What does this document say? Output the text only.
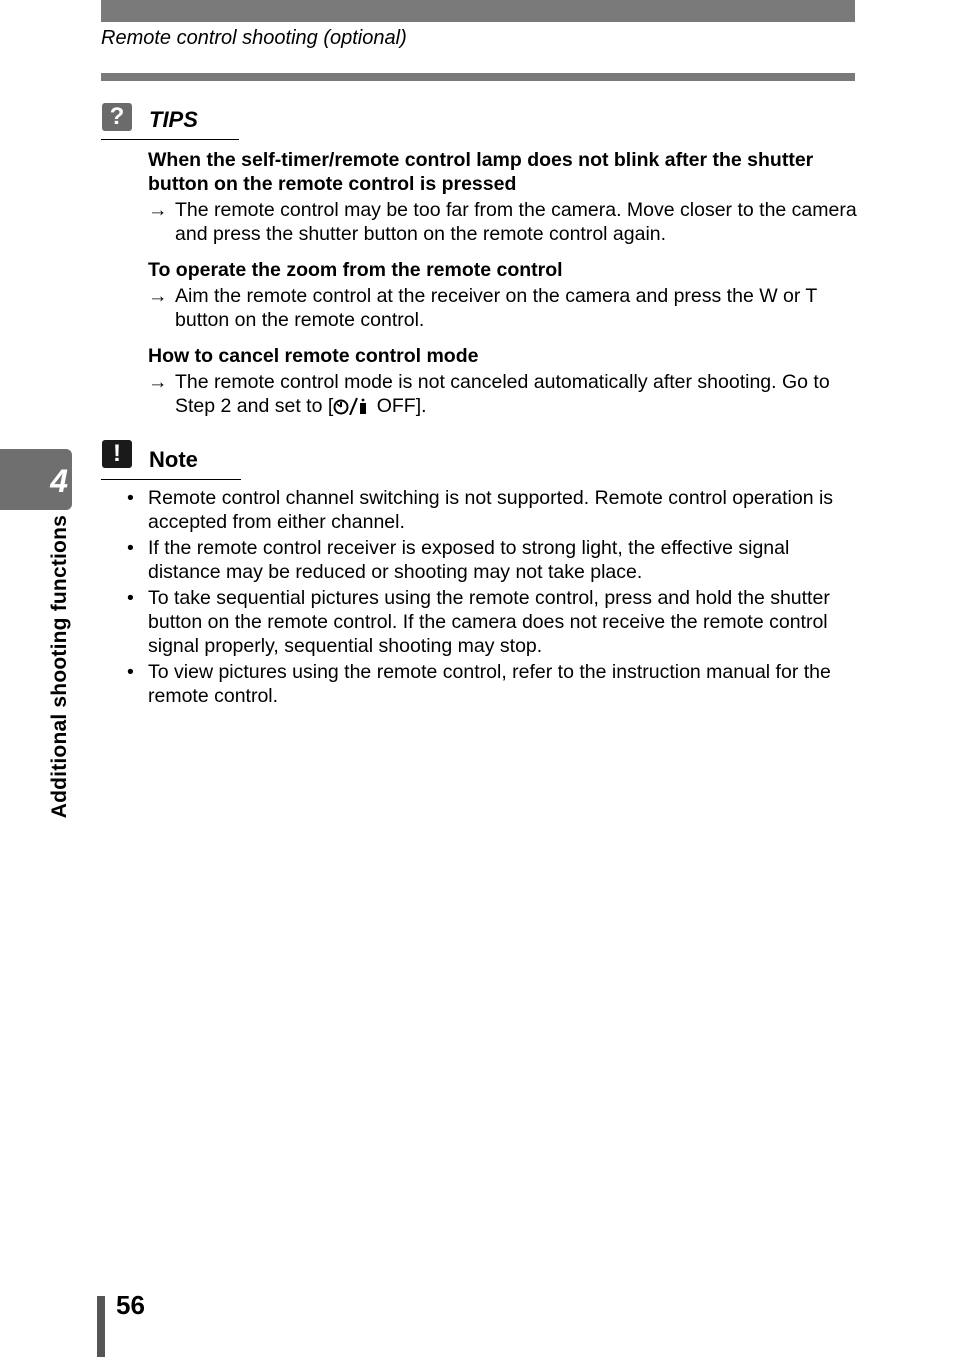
Remote control shooting (optional)
4
Additional shooting functions
?	TIPS
When the self-timer/remote control lamp does not blink after the shutter button on the remote control is pressed
→ The remote control may be too far from the camera. Move closer to the camera and press the shutter button on the remote control again.
To operate the zoom from the remote control
→ Aim the remote control at the receiver on the camera and press the W or T button on the remote control.
How to cancel remote control mode
→ The remote control mode is not canceled automatically after shooting. Go to Step 2 and set to [ OFF].
!	Note
• Remote control channel switching is not supported. Remote control operation is accepted from either channel.
• If the remote control receiver is exposed to strong light, the effective signal distance may be reduced or shooting may not take place.
• To take sequential pictures using the remote control, press and hold the shutter button on the remote control. If the camera does not receive the remote control signal properly, sequential shooting may stop.
• To view pictures using the remote control, refer to the instruction manual for the remote control.
56
